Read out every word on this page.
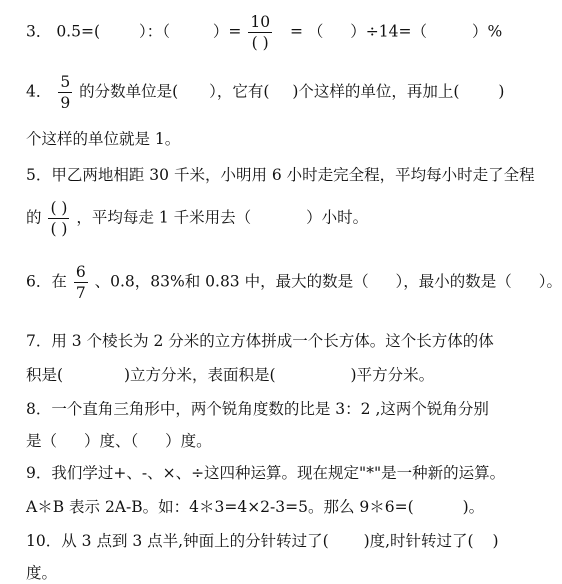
3． 0.5=(	）：（	）= $\frac{10}{( )}$ = （ ）÷14=（	）%
4． $\frac{5}{9}$ 的分数单位是( ），它有( )个这样的单位，再加上(	)
个这样的单位就是 1。
5．甲乙两地相距 30 千米，小明用 6 小时走完全程，平均每小时走了全程
的 $\frac{( )}{( )}$ ，平均每走 1 千米用去（	）小时。
6．在 $\frac{6}{7}$ 、0.8，83%和 0.83 中，最大的数是（ ），最小的数是（ ）。
7．用 3 个棱长为 2 分米的立方体拼成一个长方体。这个长方体的体
积是(	)立方分米，表面积是(	)平方分米。
8．一个直角三角形中，两个锐角度数的比是 3：2 ,这两个锐角分别
是（ ）度、（ ）度。
9．我们学过+、-、×、÷这四种运算。现在规定"*"是一种新的运算。
A＊B 表示 2A-B。如：4＊3=4×2-3=5。那么 9＊6=(	)。
10．从 3 点到 3 点半,钟面上的分针转过了( )度,时针转过了( )
度。
